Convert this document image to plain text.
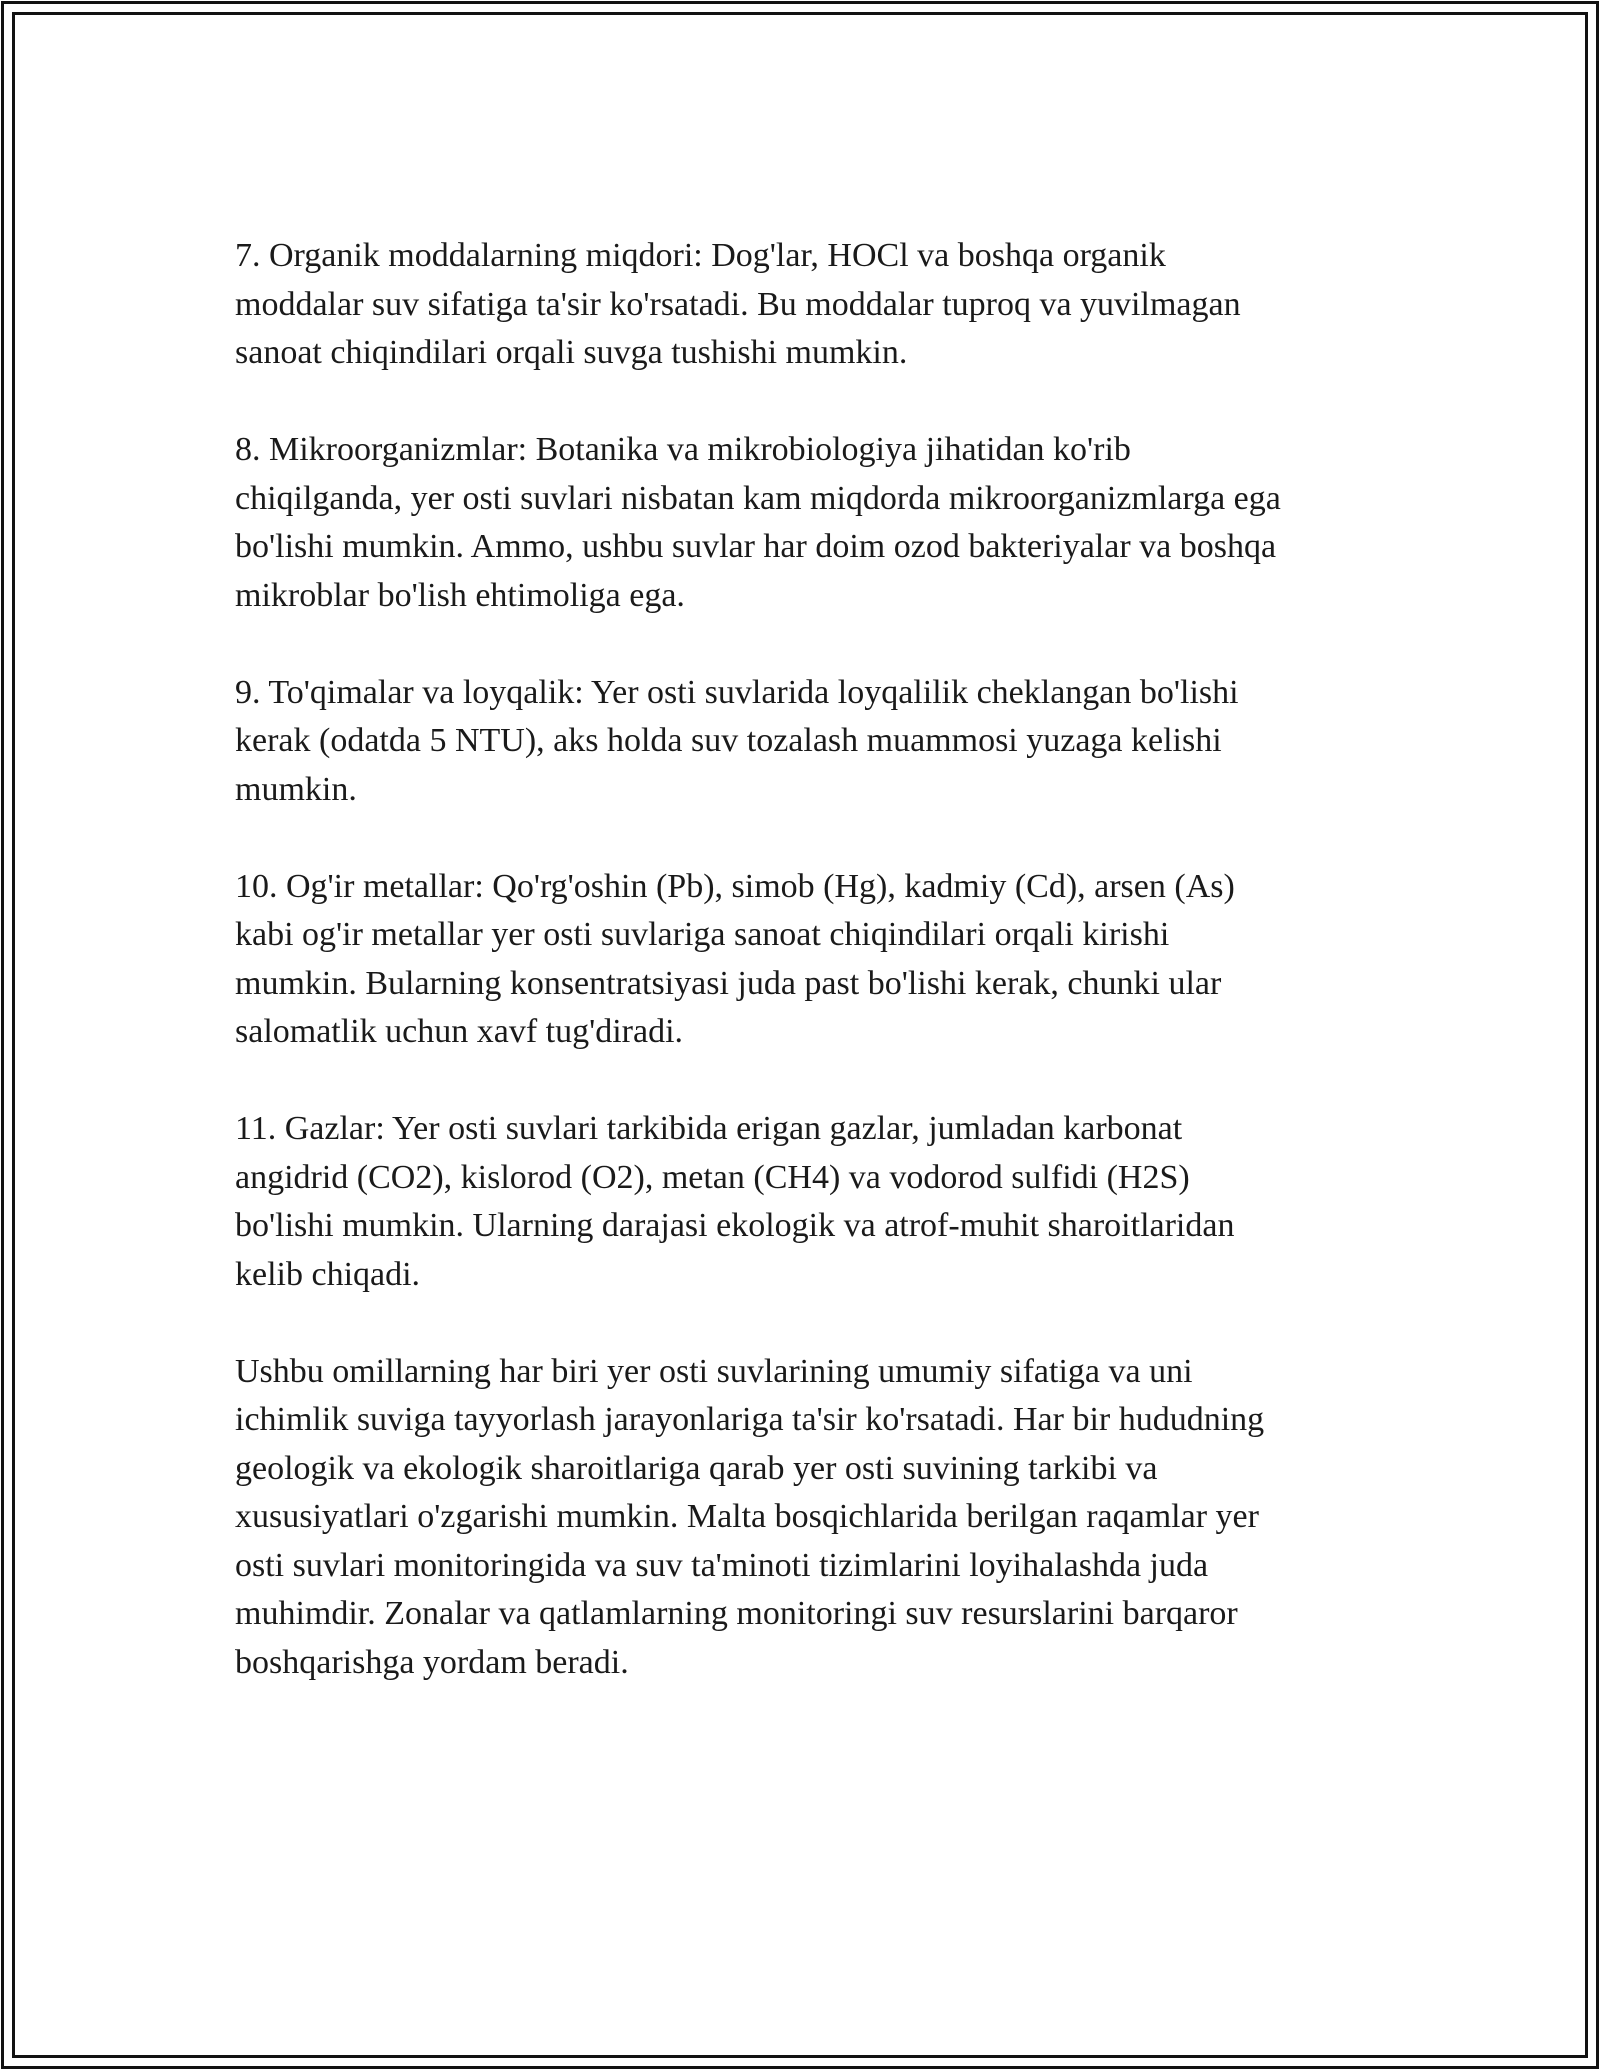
7. Organik moddalarning miqdori: Dog'lar, HOCl va boshqa organik
moddalar suv sifatiga ta'sir ko'rsatadi. Bu moddalar tuproq va yuvilmagan
sanoat chiqindilari orqali suvga tushishi mumkin.

8. Mikroorganizmlar: Botanika va mikrobiologiya jihatidan ko'rib
chiqilganda, yer osti suvlari nisbatan kam miqdorda mikroorganizmlarga ega
bo'lishi mumkin. Ammo, ushbu suvlar har doim ozod bakteriyalar va boshqa
mikroblar bo'lish ehtimoliga ega.

9. To'qimalar va loyqalik: Yer osti suvlarida loyqalilik cheklangan bo'lishi
kerak (odatda 5 NTU), aks holda suv tozalash muammosi yuzaga kelishi
mumkin.

10. Og'ir metallar: Qo'rg'oshin (Pb), simob (Hg), kadmiy (Cd), arsen (As)
kabi og'ir metallar yer osti suvlariga sanoat chiqindilari orqali kirishi
mumkin. Bularning konsentratsiyasi juda past bo'lishi kerak, chunki ular
salomatlik uchun xavf tug'diradi.

11. Gazlar: Yer osti suvlari tarkibida erigan gazlar, jumladan karbonat
angidrid (CO2), kislorod (O2), metan (CH4) va vodorod sulfidi (H2S)
bo'lishi mumkin. Ularning darajasi ekologik va atrof-muhit sharoitlaridan
kelib chiqadi.

Ushbu omillarning har biri yer osti suvlarining umumiy sifatiga va uni
ichimlik suviga tayyorlash jarayonlariga ta'sir ko'rsatadi. Har bir hududning
geologik va ekologik sharoitlariga qarab yer osti suvining tarkibi va
xususiyatlari o'zgarishi mumkin. Malta bosqichlarida berilgan raqamlar yer
osti suvlari monitoringida va suv ta'minoti tizimlarini loyihalashda juda
muhimdir. Zonalar va qatlamlarning monitoringi suv resurslarini barqaror
boshqarishga yordam beradi.
